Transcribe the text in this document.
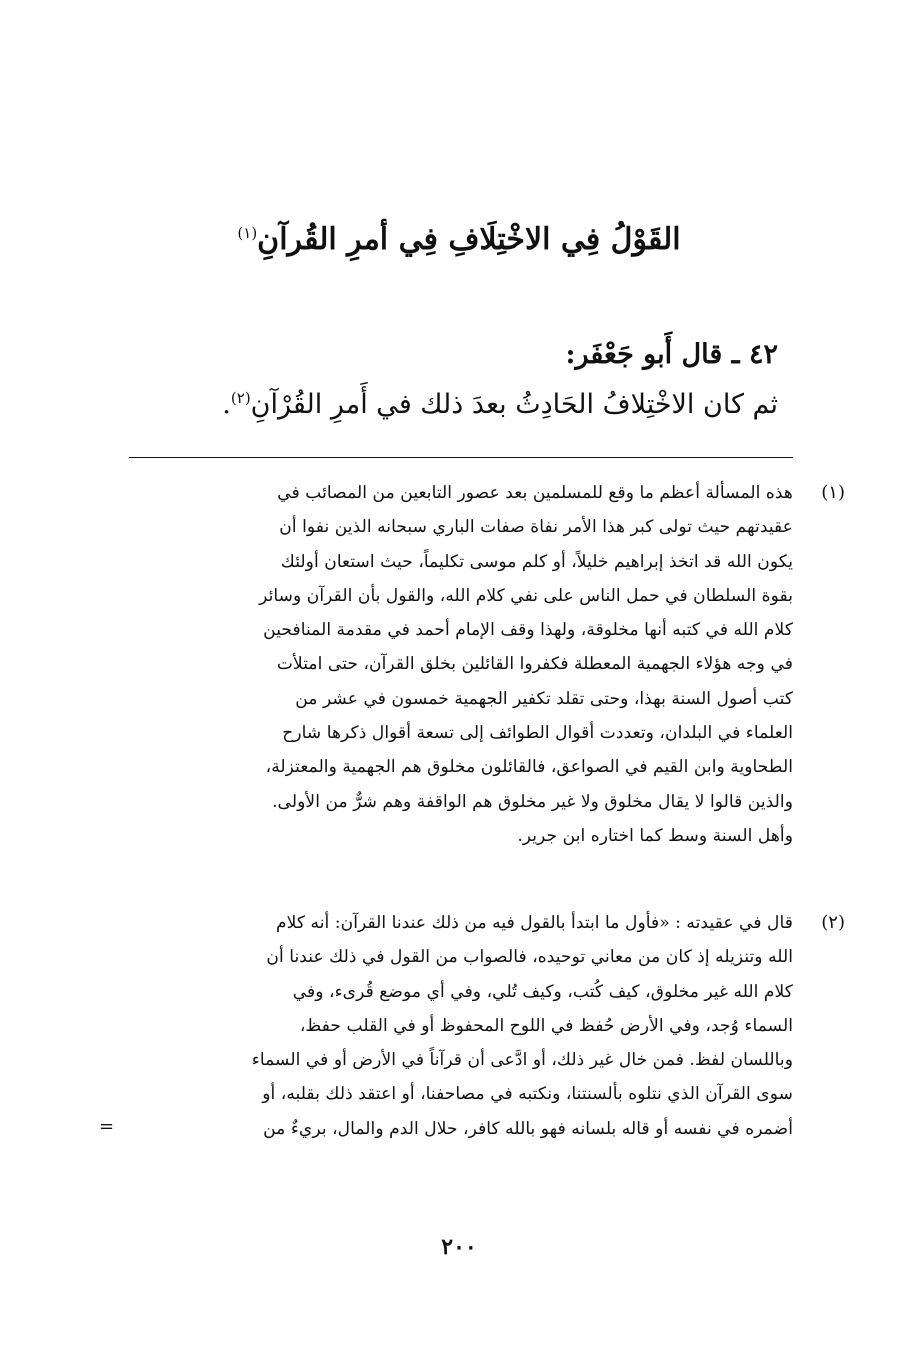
القَوْلُ فِي الاخْتِلَافِ فِي أمرِ القُرآنِ$^{(١)}$
٤٢ ـ قال أَبو جَعْفَر:
ثم كان الاخْتِلافُ الحَادِثُ بعدَ ذلك في أَمرِ القُرْآنِ$^{(٢)}$.
(١)
هذه المسألة أعظم ما وقع للمسلمين بعد عصور التابعين من المصائب في
عقيدتهم حيث تولى كبر هذا الأمر نفاة صفات الباري سبحانه الذين نفوا أن
يكون الله قد اتخذ إبراهيم خليلاً، أو كلم موسى تكليماً، حيث استعان أولئك
بقوة السلطان في حمل الناس على نفي كلام الله، والقول بأن القرآن وسائر
كلام الله في كتبه أنها مخلوقة، ولهذا وقف الإمام أحمد في مقدمة المنافحين
في وجه هؤلاء الجهمية المعطلة فكفروا القائلين بخلق القرآن، حتى امتلأت
كتب أصول السنة بهذا، وحتى تقلد تكفير الجهمية خمسون في عشر من
العلماء في البلدان، وتعددت أقوال الطوائف إلى تسعة أقوال ذكرها شارح
الطحاوية وابن القيم في الصواعق، فالقائلون مخلوق هم الجهمية والمعتزلة،
والذين قالوا لا يقال مخلوق ولا غير مخلوق هم الواقفة وهم شرٌّ من الأولى.
وأهل السنة وسط كما اختاره ابن جرير.
(٢)
قال في عقيدته : «فأول ما ابتدأ بالقول فيه من ذلك عندنا القرآن: أنه كلام
الله وتنزيله إذ كان من معاني توحيده، فالصواب من القول في ذلك عندنا أن
كلام الله غير مخلوق، كيف كُتب، وكيف تُلي، وفي أي موضع قُرىء، وفي
السماء وُجد، وفي الأرض حُفظ في اللوح المحفوظ أو في القلب حفظ،
وباللسان لفظ. فمن خال غير ذلك، أو ادَّعى أن قرآناً في الأرض أو في السماء
سوى القرآن الذي نتلوه بألسنتنا، ونكتبه في مصاحفنا، أو اعتقد ذلك بقلبه، أو
أضمره في نفسه أو قاله بلسانه فهو بالله كافر، حلال الدم والمال، بريءٌ من
=
٢٠٠
